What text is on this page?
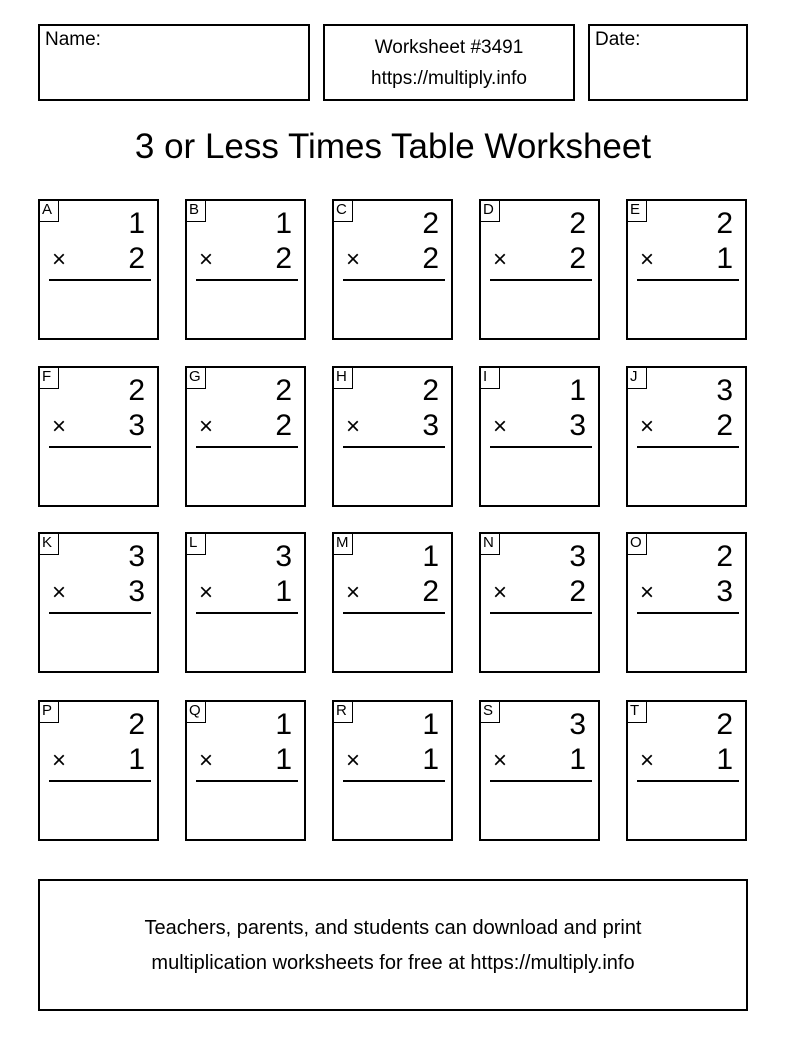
Name:	Worksheet #3491
https://multiply.info
Date:
3 or Less Times Table Worksheet
A	1
× 2
B	1
× 2
C	2
× 2
D	2
× 2
E	2
× 1
F	2
× 3
G 2
× 2
H	2
× 3
I	1
× 3
J	3
× 2
K	3
× 3
L	3
× 1
M 1
× 2
N	3
× 2
O 2
× 3
P	2
× 1
Q 1
× 1
R	1
× 1
S	3
× 1
T	2
× 1
Teachers, parents, and students can download and print
multiplication worksheets for free at https://multiply.info
